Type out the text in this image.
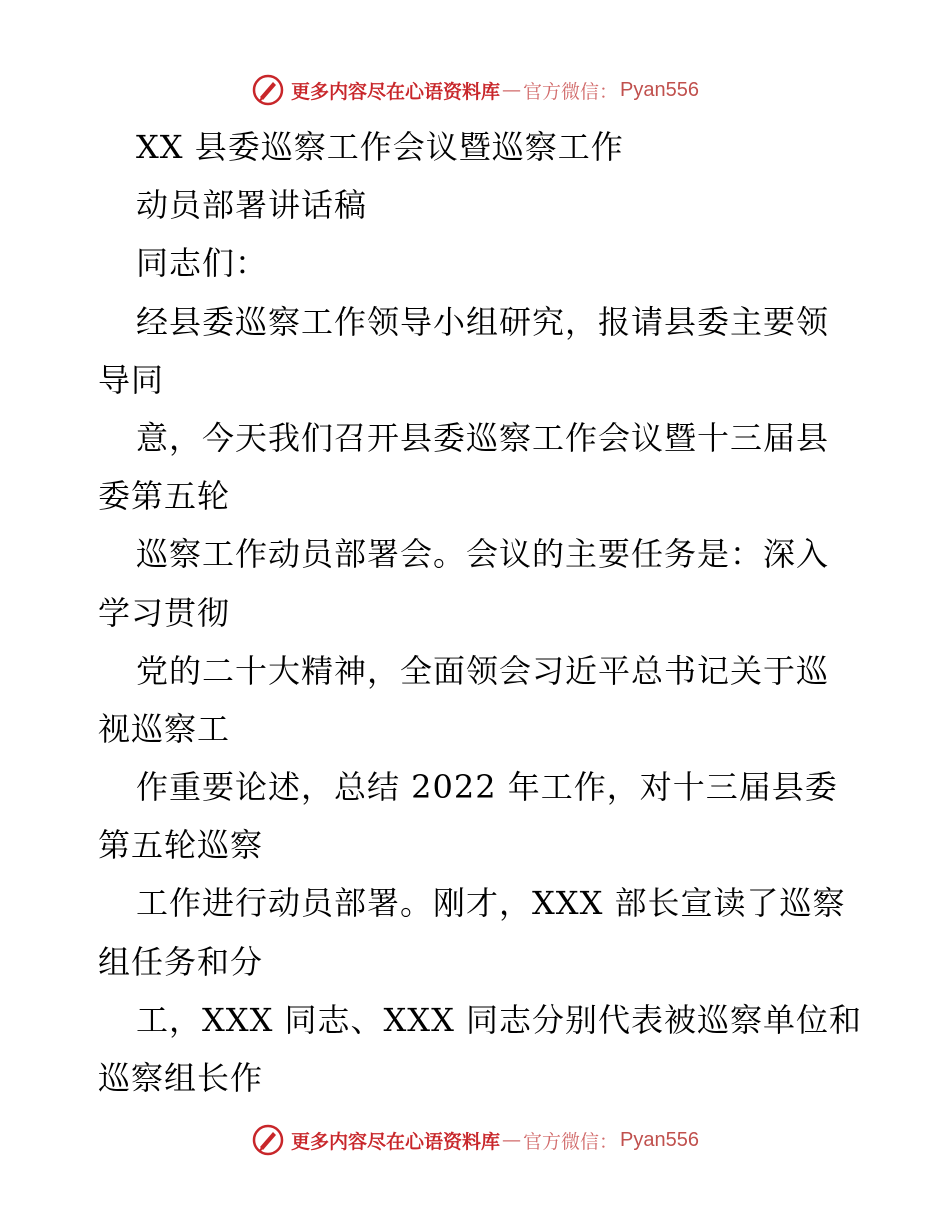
更多内容尽在心语资料库 — 官方微信： Pyan556
XX 县委巡察工作会议暨巡察工作
动员部署讲话稿
同志们：
经县委巡察工作领导小组研究，报请县委主要领
导同
意，今天我们召开县委巡察工作会议暨十三届县
委第五轮
巡察工作动员部署会。会议的主要任务是：深入
学习贯彻
党的二十大精神，全面领会习近平总书记关于巡
视巡察工
作重要论述，总结 2022 年工作，对十三届县委
第五轮巡察
工作进行动员部署。刚才，XXX 部长宣读了巡察
组任务和分
工，XXX 同志、XXX 同志分别代表被巡察单位和
巡察组长作
更多内容尽在心语资料库 — 官方微信： Pyan556
